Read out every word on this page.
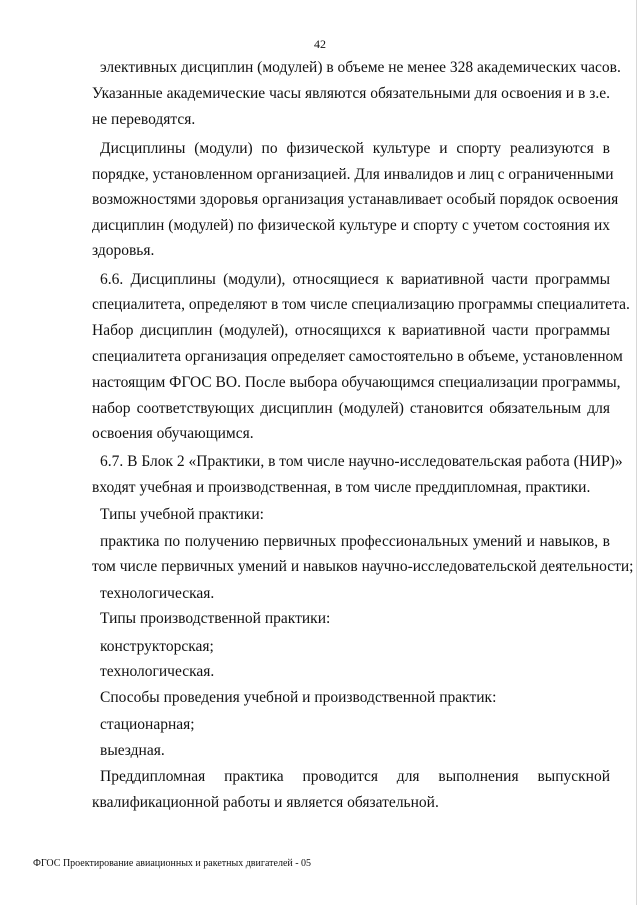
42
элективных дисциплин (модулей) в объеме не менее 328 академических часов.
Указанные академические часы являются обязательными для освоения и в з.е.
не переводятся.
Дисциплины (модули) по физической культуре и спорту реализуются в
порядке, установленном организацией. Для инвалидов и лиц с ограниченными
возможностями здоровья организация устанавливает особый порядок освоения
дисциплин (модулей) по физической культуре и спорту с учетом состояния их
здоровья.
6.6. Дисциплины (модули), относящиеся к вариативной части программы
специалитета, определяют в том числе специализацию программы специалитета.
Набор дисциплин (модулей), относящихся к вариативной части программы
специалитета организация определяет самостоятельно в объеме, установленном
настоящим ФГОС ВО. После выбора обучающимся специализации программы,
набор соответствующих дисциплин (модулей) становится обязательным для
освоения обучающимся.
6.7. В Блок 2 «Практики, в том числе научно-исследовательская работа (НИР)»
входят учебная и производственная, в том числе преддипломная, практики.
Типы учебной практики:
практика по получению первичных профессиональных умений и навыков, в
том числе первичных умений и навыков научно-исследовательской деятельности;
технологическая.
Типы производственной практики:
конструкторская;
технологическая.
Способы проведения учебной и производственной практик:
стационарная;
выездная.
Преддипломная практика проводится для выполнения выпускной
квалификационной работы и является обязательной.
ФГОС Проектирование авиационных и ракетных двигателей - 05
